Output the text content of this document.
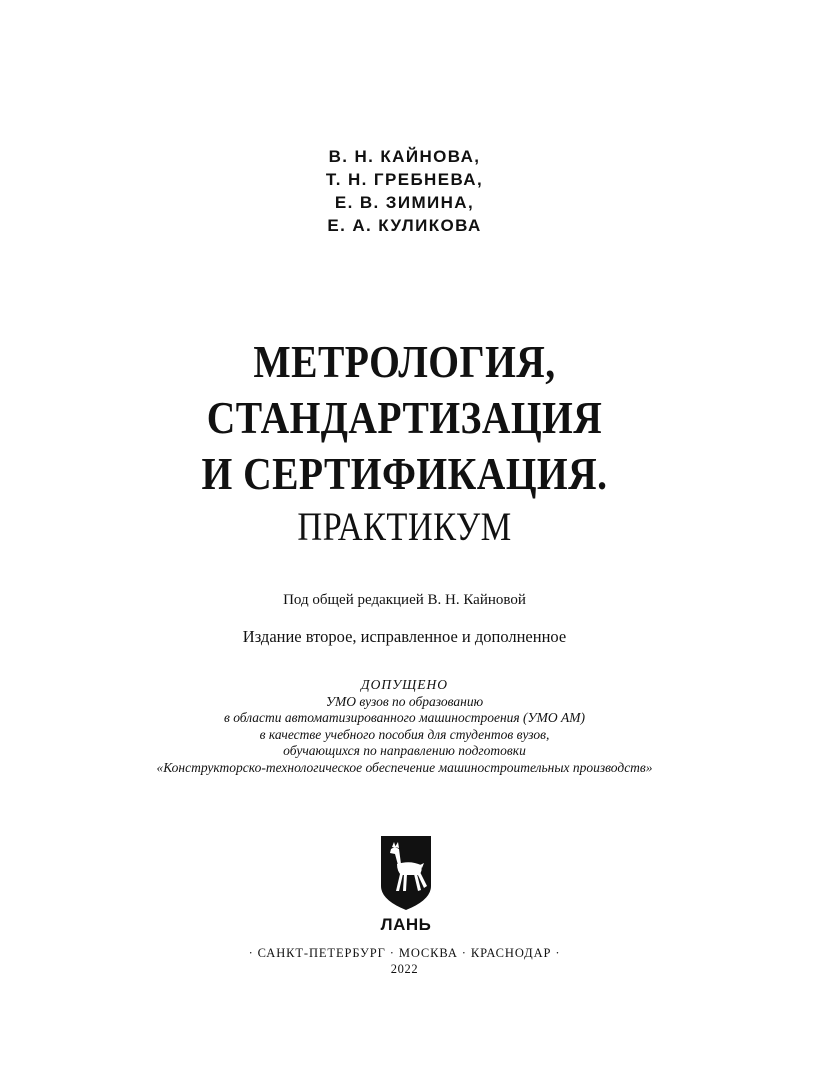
В. Н. КАЙНОВА,
Т. Н. ГРЕБНЕВА,
Е. В. ЗИМИНА,
Е. А. КУЛИКОВА
МЕТРОЛОГИЯ,
СТАНДАРТИЗАЦИЯ
И СЕРТИФИКАЦИЯ.
ПРАКТИКУМ
Под общей редакцией В. Н. Кайновой
Издание второе, исправленное и дополненное
ДОПУЩЕНО
УМО вузов по образованию
в области автоматизированного машиностроения (УМО АМ)
в качестве учебного пособия для студентов вузов,
обучающихся по направлению подготовки
«Конструкторско-технологическое обеспечение машиностроительных производств»
ЛАНЬ
· САНКТ-ПЕТЕРБУРГ · МОСКВА · КРАСНОДАР ·
2022
